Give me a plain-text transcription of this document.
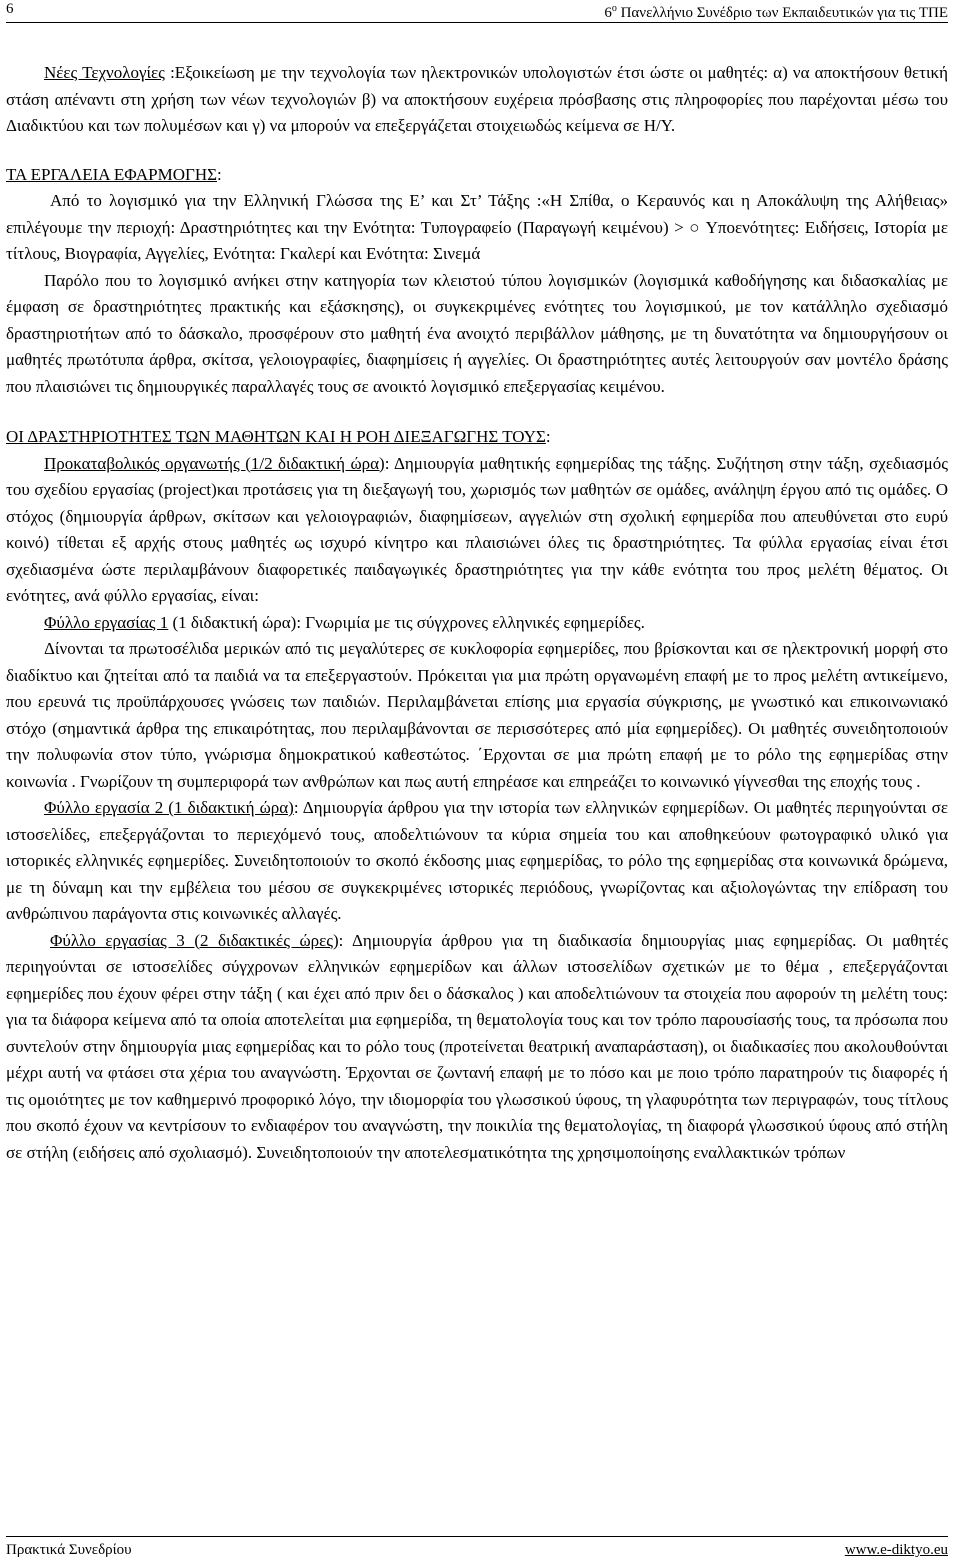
6	$6^o$ Πανελλήνιο Συνέδριο των Εκπαιδευτικών για τις ΤΠΕ

Νέες Τεχνολογίες :Εξοικείωση με την τεχνολογία των ηλεκτρονικών υπολογιστών έτσι ώστε οι μαθητές: α) να αποκτήσουν θετική στάση απέναντι στη χρήση των νέων τεχνολογιών β) να αποκτήσουν ευχέρεια πρόσβασης στις πληροφορίες που παρέχονται μέσω του Διαδικτύου και των πολυμέσων και γ) να μπορούν να επεξεργάζεται στοιχειωδώς κείμενα σε Η/Υ.

ΤΑ ΕΡΓΑΛΕΙΑ ΕΦΑΡΜΟΓΗΣ:

Από το λογισμικό για την Ελληνική Γλώσσα της Ε’ και Στ’ Τάξης :«Η Σπίθα, ο Κεραυνός και η Αποκάλυψη της Αλήθειας» επιλέγουμε την περιοχή: Δραστηριότητες και την Ενότητα: Τυπογραφείο (Παραγωγή κειμένου) > ○ Υποενότητες: Ειδήσεις, Ιστορία με τίτλους, Βιογραφία, Αγγελίες, Ενότητα: Γκαλερί και Ενότητα: Σινεμά

Παρόλο που το λογισμικό ανήκει στην κατηγορία των κλειστού τύπου λογισμικών (λογισμικά καθοδήγησης και διδασκαλίας με έμφαση σε δραστηριότητες πρακτικής και εξάσκησης), οι συγκεκριμένες ενότητες του λογισμικού, με τον κατάλληλο σχεδιασμό δραστηριοτήτων από το δάσκαλο, προσφέρουν στο μαθητή ένα ανοιχτό περιβάλλον μάθησης, με τη δυνατότητα να δημιουργήσουν οι μαθητές πρωτότυπα άρθρα, σκίτσα, γελοιογραφίες, διαφημίσεις ή αγγελίες. Οι δραστηριότητες αυτές λειτουργούν σαν μοντέλο δράσης που πλαισιώνει τις δημιουργικές παραλλαγές τους σε ανοικτό λογισμικό επεξεργασίας κειμένου.

ΟΙ ΔΡΑΣΤΗΡΙΟΤΗΤΕΣ ΤΩΝ ΜΑΘΗΤΩΝ ΚΑΙ Η ΡΟΗ ΔΙΕΞΑΓΩΓΗΣ ΤΟΥΣ:

Προκαταβολικός οργανωτής (1/2 διδακτική ώρα): Δημιουργία μαθητικής εφημερίδας της τάξης. Συζήτηση στην τάξη, σχεδιασμός του σχεδίου εργασίας (project)και προτάσεις για τη διεξαγωγή του, χωρισμός των μαθητών σε ομάδες, ανάληψη έργου από τις ομάδες. Ο στόχος (δημιουργία άρθρων, σκίτσων και γελοιογραφιών, διαφημίσεων, αγγελιών στη σχολική εφημερίδα που απευθύνεται στο ευρύ κοινό) τίθεται εξ αρχής στους μαθητές ως ισχυρό κίνητρο και πλαισιώνει όλες τις δραστηριότητες. Τα φύλλα εργασίας είναι έτσι σχεδιασμένα ώστε περιλαμβάνουν διαφορετικές παιδαγωγικές δραστηριότητες για την κάθε ενότητα του προς μελέτη θέματος. Οι ενότητες, ανά φύλλο εργασίας, είναι:

Φύλλο εργασίας 1 (1 διδακτική ώρα): Γνωριμία με τις σύγχρονες ελληνικές εφημερίδες.

Δίνονται τα πρωτοσέλιδα μερικών από τις μεγαλύτερες σε κυκλοφορία εφημερίδες, που βρίσκονται και σε ηλεκτρονική μορφή στο διαδίκτυο και ζητείται από τα παιδιά να τα επεξεργαστούν. Πρόκειται για μια πρώτη οργανωμένη επαφή με το προς μελέτη αντικείμενο, που ερευνά τις προϋπάρχουσες γνώσεις των παιδιών. Περιλαμβάνεται επίσης μια εργασία σύγκρισης, με γνωστικό και επικοινωνιακό στόχο (σημαντικά άρθρα της επικαιρότητας, που περιλαμβάνονται σε περισσότερες από μία εφημερίδες). Οι μαθητές συνειδητοποιούν την πολυφωνία στον τύπο, γνώρισμα δημοκρατικού καθεστώτος. ΄Ερχονται σε μια πρώτη επαφή με το ρόλο της εφημερίδας στην κοινωνία . Γνωρίζουν τη συμπεριφορά των ανθρώπων και πως αυτή επηρέασε και επηρεάζει το κοινωνικό γίγνεσθαι της εποχής τους .

Φύλλο εργασία 2 (1 διδακτική ώρα): Δημιουργία άρθρου για την ιστορία των ελληνικών εφημερίδων. Οι μαθητές περιηγούνται σε ιστοσελίδες, επεξεργάζονται το περιεχόμενό τους, αποδελτιώνουν τα κύρια σημεία του και αποθηκεύουν φωτογραφικό υλικό για ιστορικές ελληνικές εφημερίδες. Συνειδητοποιούν το σκοπό έκδοσης μιας εφημερίδας, το ρόλο της εφημερίδας στα κοινωνικά δρώμενα, με τη δύναμη και την εμβέλεια του μέσου σε συγκεκριμένες ιστορικές περιόδους, γνωρίζοντας και αξιολογώντας την επίδραση του ανθρώπινου παράγοντα στις κοινωνικές αλλαγές.

Φύλλο εργασίας 3 (2 διδακτικές ώρες): Δημιουργία άρθρου για τη διαδικασία δημιουργίας μιας εφημερίδας. Οι μαθητές περιηγούνται σε ιστοσελίδες σύγχρονων ελληνικών εφημερίδων και άλλων ιστοσελίδων σχετικών με το θέμα , επεξεργάζονται εφημερίδες που έχουν φέρει στην τάξη ( και έχει από πριν δει ο δάσκαλος ) και αποδελτιώνουν τα στοιχεία που αφορούν τη μελέτη τους: για τα διάφορα κείμενα από τα οποία αποτελείται μια εφημερίδα, τη θεματολογία τους και τον τρόπο παρουσίασής τους, τα πρόσωπα που συντελούν στην δημιουργία μιας εφημερίδας και το ρόλο τους (προτείνεται θεατρική αναπαράσταση), οι διαδικασίες που ακολουθούνται μέχρι αυτή να φτάσει στα χέρια του αναγνώστη. Έρχονται σε ζωντανή επαφή με το πόσο και με ποιο τρόπο παρατηρούν τις διαφορές ή τις ομοιότητες με τον καθημερινό προφορικό λόγο, την ιδιομορφία του γλωσσικού ύφους, τη γλαφυρότητα των περιγραφών, τους τίτλους που σκοπό έχουν να κεντρίσουν το ενδιαφέρον του αναγνώστη, την ποικιλία της θεματολογίας, τη διαφορά γλωσσικού ύφους από στήλη σε στήλη (ειδήσεις από σχολιασμό). Συνειδητοποιούν την αποτελεσματικότητα της χρησιμοποίησης εναλλακτικών τρόπων

Πρακτικά Συνεδρίου	www.e-diktyo.eu
